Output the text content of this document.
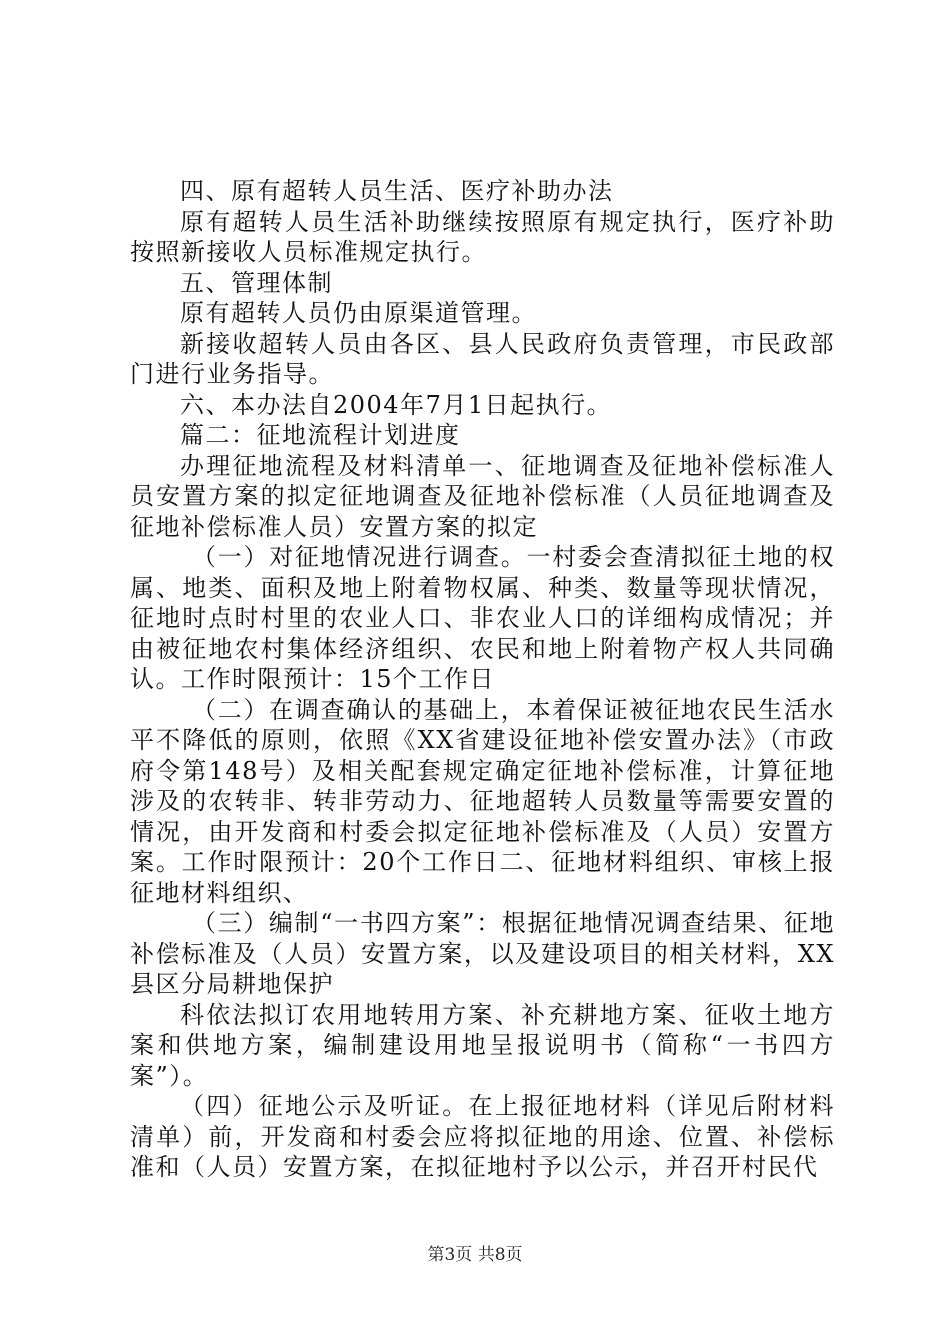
四、原有超转人员生活、医疗补助办法

原有超转人员生活补助继续按照原有规定执行，医疗补助按照新接收人员标准规定执行。

五、管理体制

原有超转人员仍由原渠道管理。

新接收超转人员由各区、县人民政府负责管理，市民政部门进行业务指导。

六、本办法自2004年7月1日起执行。

篇二：征地流程计划进度

办理征地流程及材料清单一、征地调查及征地补偿标准人员安置方案的拟定征地调查及征地补偿标准（人员征地调查及征地补偿标准人员）安置方案的拟定

（一）对征地情况进行调查。一村委会查清拟征土地的权属、地类、面积及地上附着物权属、种类、数量等现状情况，征地时点时村里的农业人口、非农业人口的详细构成情况；并由被征地农村集体经济组织、农民和地上附着物产权人共同确认。工作时限预计：15个工作日

（二）在调查确认的基础上，本着保证被征地农民生活水平不降低的原则，依照《XX省建设征地补偿安置办法》（市政府令第148号）及相关配套规定确定征地补偿标准，计算征地涉及的农转非、转非劳动力、征地超转人员数量等需要安置的情况，由开发商和村委会拟定征地补偿标准及（人员）安置方案。工作时限预计：20个工作日二、征地材料组织、审核上报征地材料组织、

（三）编制“一书四方案”：根据征地情况调查结果、征地补偿标准及（人员）安置方案，以及建设项目的相关材料，XX县区分局耕地保护

科依法拟订农用地转用方案、补充耕地方案、征收土地方案和供地方案，编制建设用地呈报说明书（简称“一书四方案”）。

（四）征地公示及听证。在上报征地材料（详见后附材料清单）前，开发商和村委会应将拟征地的用途、位置、补偿标准和（人员）安置方案，在拟征地村予以公示，并召开村民代

第3页 共8页
